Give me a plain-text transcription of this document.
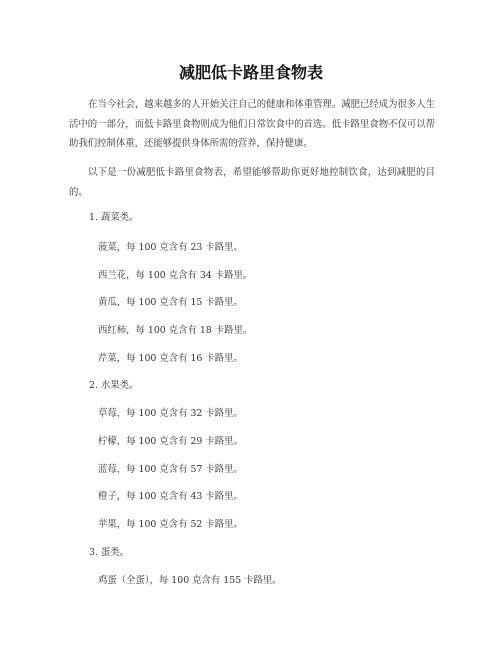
减肥低卡路里食物表

在当今社会，越来越多的人开始关注自己的健康和体重管理。减肥已经成为很多人生活中的一部分，而低卡路里食物则成为他们日常饮食中的首选。低卡路里食物不仅可以帮助我们控制体重，还能够提供身体所需的营养，保持健康。

以下是一份减肥低卡路里食物表，希望能够帮助你更好地控制饮食，达到减肥的目的。

1. 蔬菜类。
菠菜，每 100 克含有 23 卡路里。
西兰花，每 100 克含有 34 卡路里。
黄瓜，每 100 克含有 15 卡路里。
西红柿，每 100 克含有 18 卡路里。
芹菜，每 100 克含有 16 卡路里。
2. 水果类。
草莓，每 100 克含有 32 卡路里。
柠檬，每 100 克含有 29 卡路里。
蓝莓，每 100 克含有 57 卡路里。
橙子，每 100 克含有 43 卡路里。
苹果，每 100 克含有 52 卡路里。
3. 蛋类。
鸡蛋（全蛋），每 100 克含有 155 卡路里。
